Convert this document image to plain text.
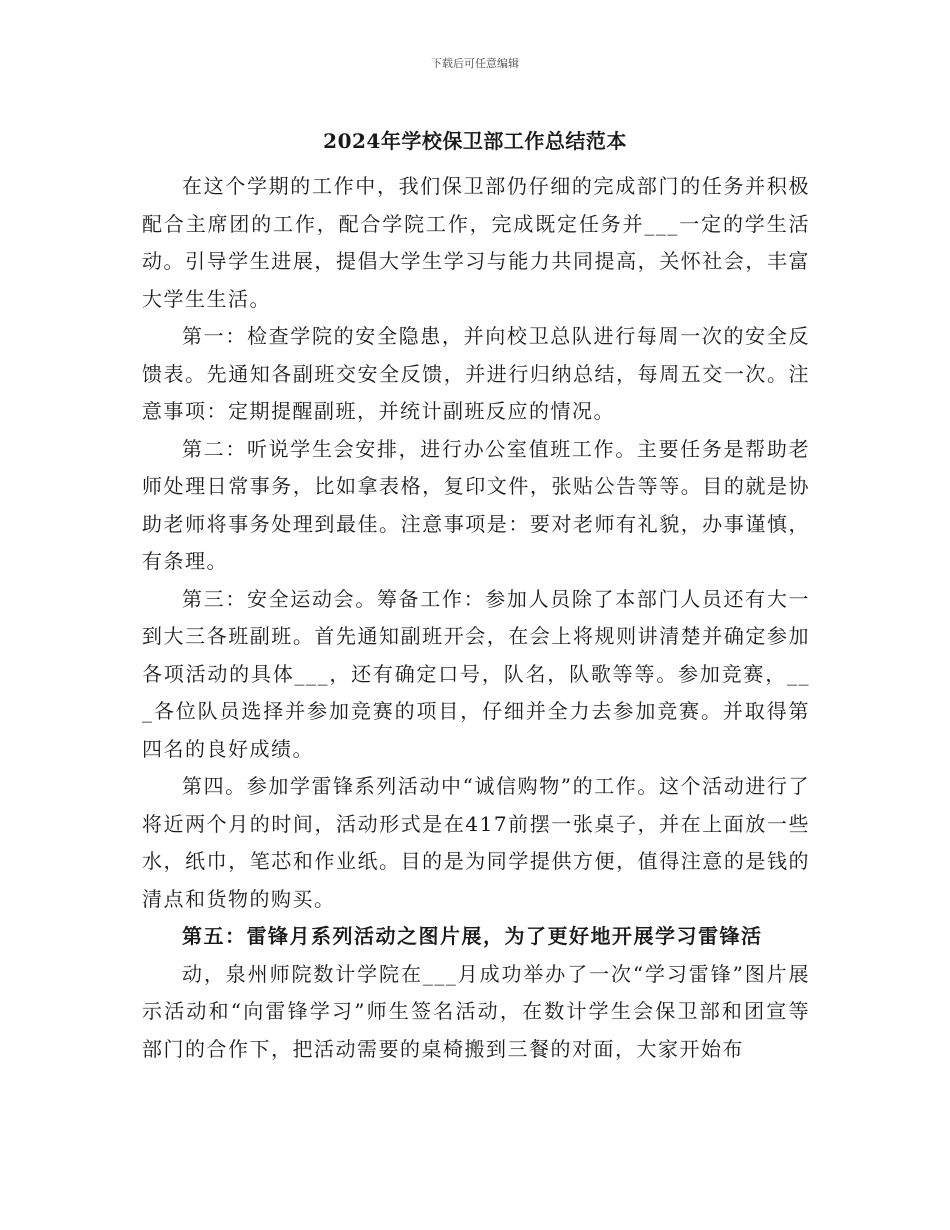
下载后可任意编辑
2024年学校保卫部工作总结范本

在这个学期的工作中，我们保卫部仍仔细的完成部门的任务并积极配合主席团的工作，配合学院工作，完成既定任务并___一定的学生活动。引导学生进展，提倡大学生学习与能力共同提高，关怀社会，丰富大学生生活。

第一：检查学院的安全隐患，并向校卫总队进行每周一次的安全反馈表。先通知各副班交安全反馈，并进行归纳总结，每周五交一次。注意事项：定期提醒副班，并统计副班反应的情况。

第二：听说学生会安排，进行办公室值班工作。主要任务是帮助老师处理日常事务，比如拿表格，复印文件，张贴公告等等。目的就是协助老师将事务处理到最佳。注意事项是：要对老师有礼貌，办事谨慎，有条理。

第三：安全运动会。筹备工作：参加人员除了本部门人员还有大一到大三各班副班。首先通知副班开会，在会上将规则讲清楚并确定参加各项活动的具体___，还有确定口号，队名，队歌等等。参加竞赛，___各位队员选择并参加竞赛的项目，仔细并全力去参加竞赛。并取得第四名的良好成绩。

第四。参加学雷锋系列活动中“诚信购物”的工作。这个活动进行了将近两个月的时间，活动形式是在417前摆一张桌子，并在上面放一些水，纸巾，笔芯和作业纸。目的是为同学提供方便，值得注意的是钱的清点和货物的购买。

第五：雷锋月系列活动之图片展，为了更好地开展学习雷锋活

动，泉州师院数计学院在___月成功举办了一次“学习雷锋”图片展示活动和“向雷锋学习”师生签名活动，在数计学生会保卫部和团宣等部门的合作下，把活动需要的桌椅搬到三餐的对面，大家开始布
